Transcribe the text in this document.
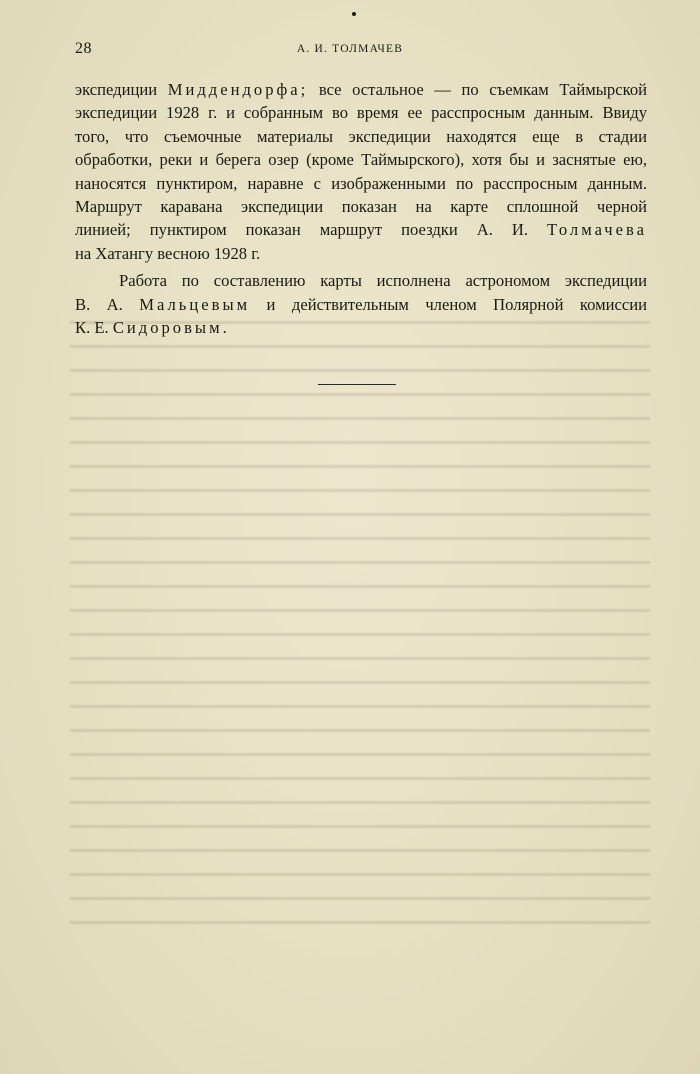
28	А. И. ТОЛМАЧЕВ
экспедиции Миддендорфа; все остальное — по съемкам Таймырской
экспедиции 1928 г. и собранным во время ее расспросным данным. Ввиду
того, что съемочные материалы экспедиции находятся еще в стадии
обработки, реки и берега озер (кроме Таймырского), хотя бы и заснятые ею,
наносятся пунктиром, наравне с изображенными по расспросным данным.
Маршрут каравана экспедиции показан на карте сплошной черной
линией; пунктиром показан маршрут поездки А. И. Толмачева
на Хатангу весною 1928 г.
Работа по составлению карты исполнена астрономом экспедиции
В. А. Мальцевым и действительным членом Полярной комиссии
К. Е. Сидоровым.
